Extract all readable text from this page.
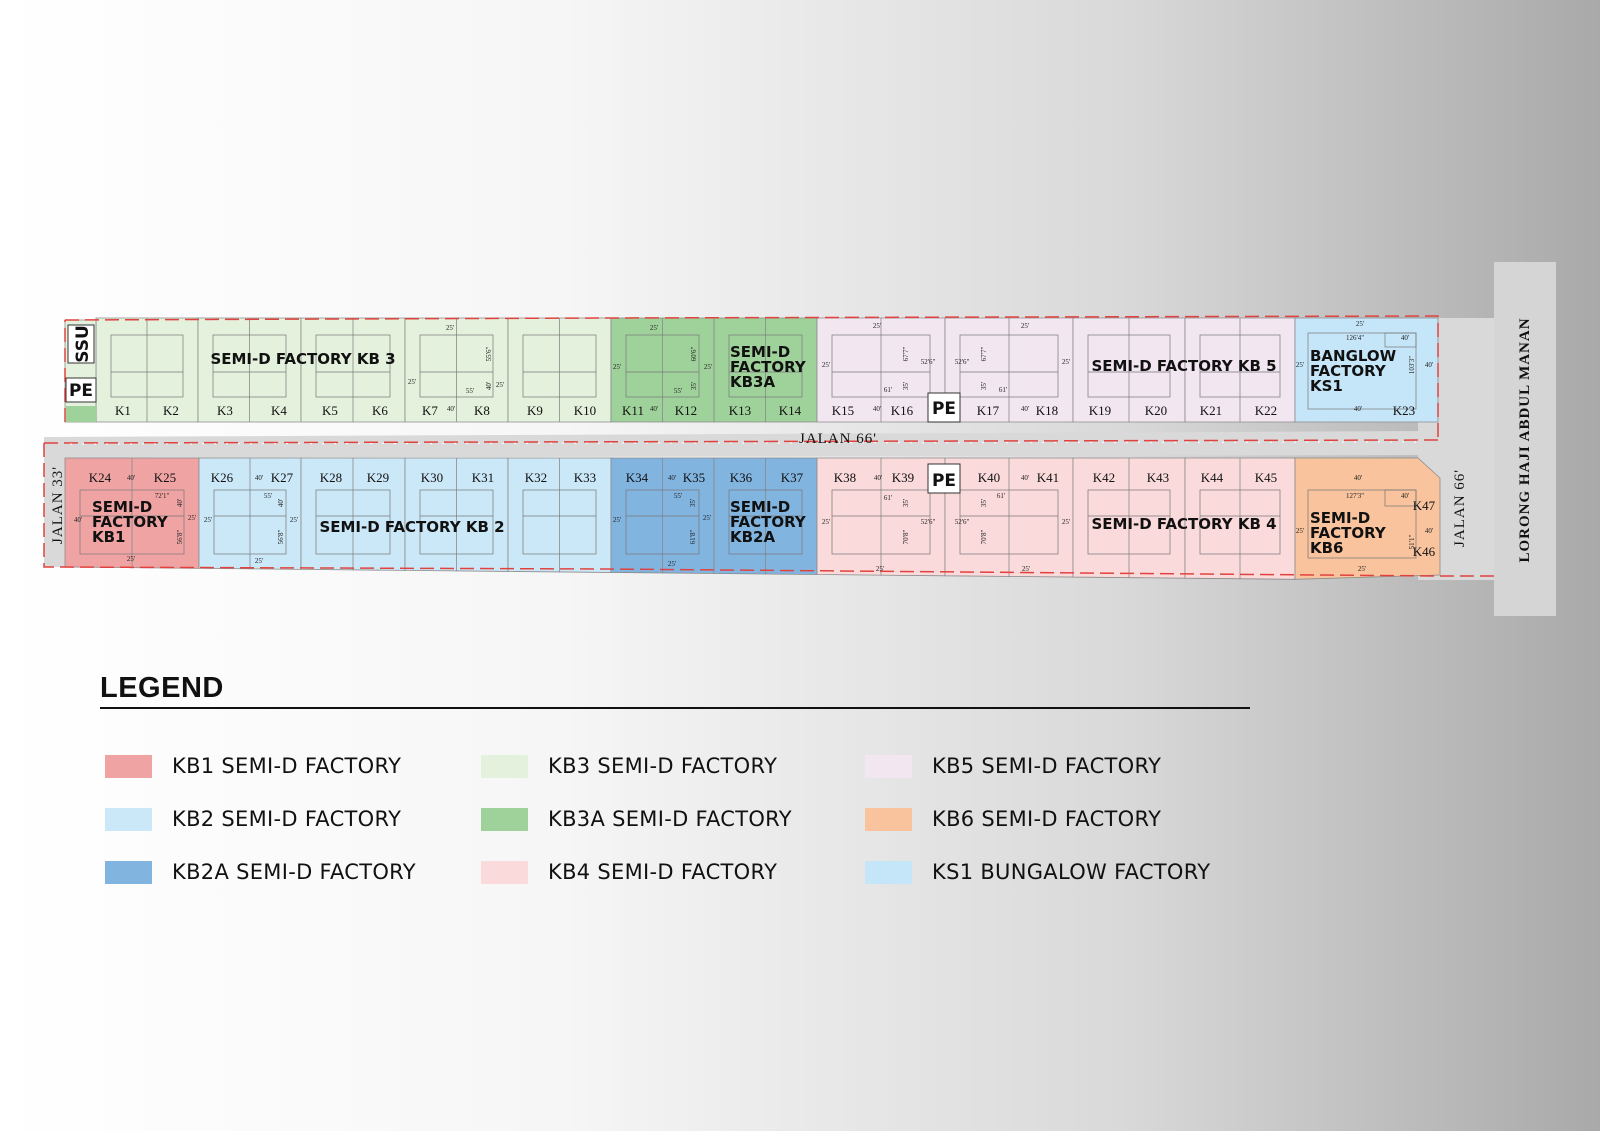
K1 K2	K3	K4	K5	K6	K7	K8	K9 K10 K11 K12 K13 K14 K15	K16	K17	K18 K19	K20	K21	K22	K23
K24	K25	K26	K27 K28 K29 K30 K31 K32 K33 K34	K35 K36 K37 K38	K39	K40	K41	K42 K43 K44 K45
K47
K46
25'
25'
55'
40'
25'
25'
25'
55'
40'
25'
25'
25'
61'
40'
52'6"
25'
52'6"
61'
40'
25'
25'
126'4"	40'
25'	40'
40'
40'
72'1"
40'	25'
25'
40'
55'
25'	25'
25'
40'
55'
25'	25'
25'
40'
61'
25'	52'6"
25'
40'
61'
52'6"	25'
25'
40'
127'3"	40'
25'	40'
25'
55'6"
40'
60'6"
35'
67'7"
35'
67'7"
35'
103'3"
40'
56'8"
40'
56'8"
35'
61'8"
35'
70'8"
35'
70'8"	51'1"
SEMI-D FACTORY KB 3	SEMI-D FACTORY KB 5
SEMI-D FACTORY KB 2	SEMI-D FACTORY KB 4
SEMI-D
FACTORY
KB3A
BANGLOW
FACTORY
KS1
SEMI-D
FACTORY
KB1
SEMI-D
FACTORY
KB2A
SEMI-D
FACTORY
KB6
SSU
PE
PE
PE
JALAN 66'
JALAN 33'	JALAN 66'	LORONG HAJI ABDUL MANAN
LEGEND
KB1 SEMI-D FACTORY
KB2 SEMI-D FACTORY
KB2A SEMI-D FACTORY
KB3 SEMI-D FACTORY
KB3A SEMI-D FACTORY
KB4 SEMI-D FACTORY
KB5 SEMI-D FACTORY
KB6 SEMI-D FACTORY
KS1 BUNGALOW FACTORY
